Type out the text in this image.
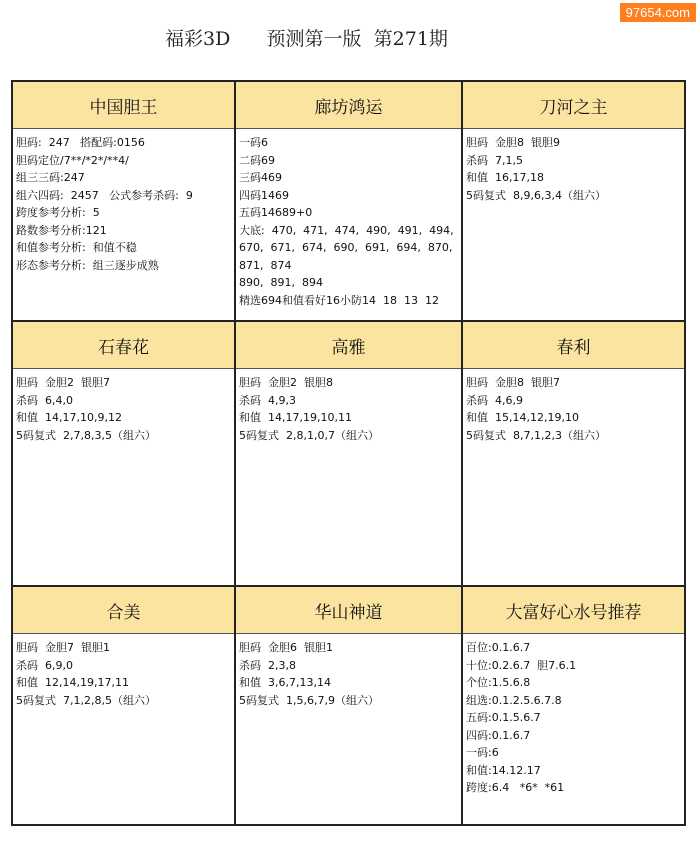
97654.com
福彩3D      预测第一版  第271期
中国胆王
胆码:  247   搭配码:0156
胆码定位/7**/*2*/**4/
组三三码:247
组六四码:  2457   公式参考杀码:  9
跨度参考分析:  5
路数参考分析:121
和值参考分析:  和值不稳
形态参考分析:  组三逐步成熟
廊坊鸿运
一码6
二码69
三码469
四码1469
五码14689+0
大底:  470,  471,  474,  490,  491,  494,
670,  671,  674,  690,  691,  694,  870,
871,  874
890,  891,  894
精选694和值看好16小防14  18  13  12
刀河之主
胆码  金胆8  银胆9
杀码  7,1,5
和值  16,17,18
5码复式  8,9,6,3,4（组六）
石春花
胆码  金胆2  银胆7
杀码  6,4,0
和值  14,17,10,9,12
5码复式  2,7,8,3,5（组六）
高雅
胆码  金胆2  银胆8
杀码  4,9,3
和值  14,17,19,10,11
5码复式  2,8,1,0,7（组六）
春利
胆码  金胆8  银胆7
杀码  4,6,9
和值  15,14,12,19,10
5码复式  8,7,1,2,3（组六）
合美
胆码  金胆7  银胆1
杀码  6,9,0
和值  12,14,19,17,11
5码复式  7,1,2,8,5（组六）
华山神道
胆码  金胆6  银胆1
杀码  2,3,8
和值  3,6,7,13,14
5码复式  1,5,6,7,9（组六）
大富好心水号推荐
百位:0.1.6.7
十位:0.2.6.7  胆7.6.1
个位:1.5.6.8
组选:0.1.2.5.6.7.8
五码:0.1.5.6.7
四码:0.1.6.7
一码:6
和值:14.12.17
跨度:6.4   *6*  *61
